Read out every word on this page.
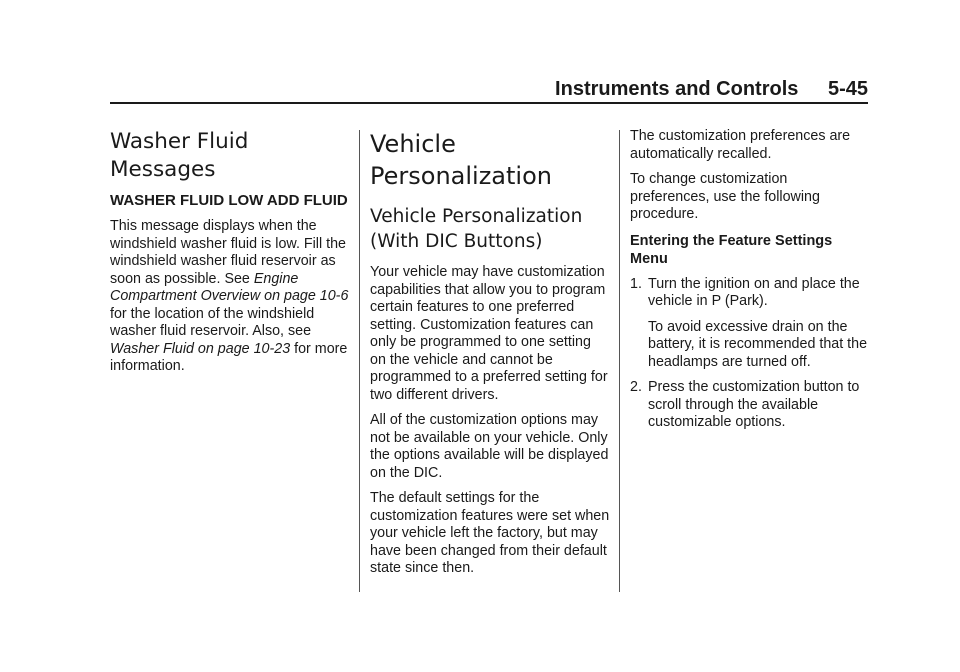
Instruments and Controls 5-45
Washer Fluid Messages
WASHER FLUID LOW ADD FLUID

This message displays when the windshield washer fluid is low. Fill the windshield washer fluid reservoir as soon as possible. See Engine Compartment Overview on page 10-6 for the location of the windshield washer fluid reservoir. Also, see Washer Fluid on page 10-23 for more information.

Vehicle Personalization
Vehicle Personalization (With DIC Buttons)

Your vehicle may have customization capabilities that allow you to program certain features to one preferred setting. Customization features can only be programmed to one setting on the vehicle and cannot be programmed to a preferred setting for two different drivers.

All of the customization options may not be available on your vehicle. Only the options available will be displayed on the DIC.

The default settings for the customization features were set when your vehicle left the factory, but may have been changed from their default state since then.

The customization preferences are automatically recalled.

To change customization preferences, use the following procedure.

Entering the Feature Settings Menu
1. Turn the ignition on and place the vehicle in P (Park).

To avoid excessive drain on the battery, it is recommended that the headlamps are turned off.

2. Press the customization button to scroll through the available customizable options.
